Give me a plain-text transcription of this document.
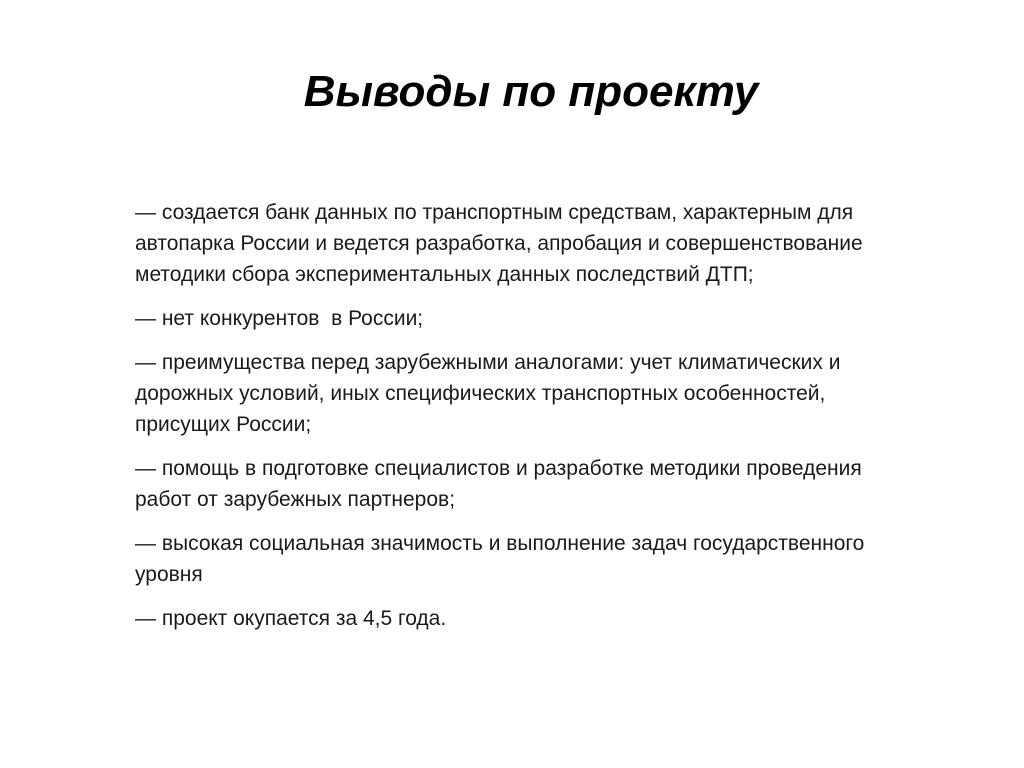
Выводы по проекту

— создается банк данных по транспортным средствам, характерным для автопарка России и ведется разработка, апробация и совершенствование методики сбора экспериментальных данных последствий ДТП;

— нет конкурентов  в России;

— преимущества перед зарубежными аналогами: учет климатических и дорожных условий, иных специфических транспортных особенностей, присущих России;

— помощь в подготовке специалистов и разработке методики проведения работ от зарубежных партнеров;

— высокая социальная значимость и выполнение задач государственного уровня

— проект окупается за 4,5 года.
